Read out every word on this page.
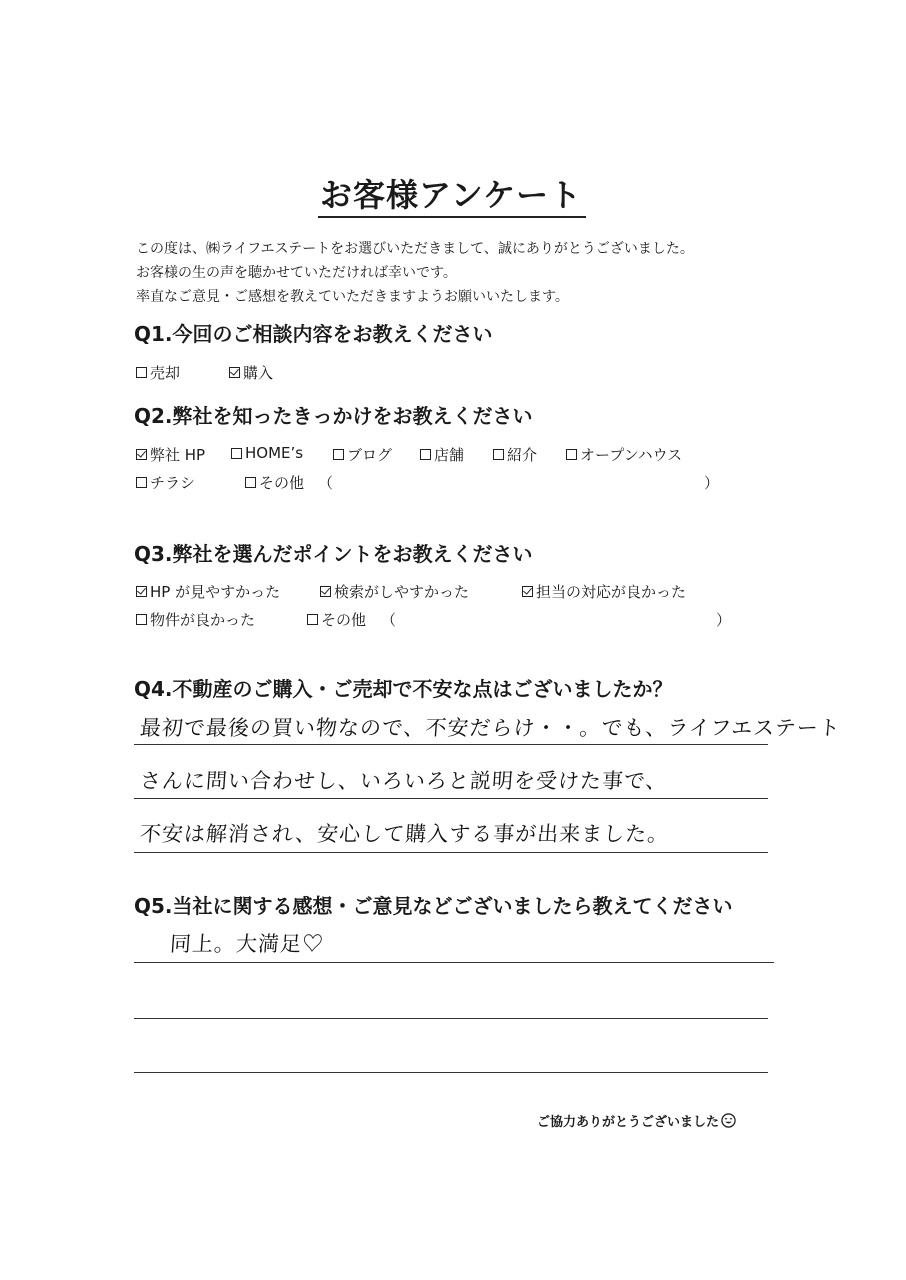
お客様アンケート
この度は、㈱ライフエステートをお選びいただきまして、誠にありがとうございました。
お客様の生の声を聴かせていただければ幸いです。
率直なご意見・ご感想を教えていただきますようお願いいたします。
Q1.今回のご相談内容をお教えください
売却	購入
Q2.弊社を知ったきっかけをお教えください
弊社 HP	HOME’s	ブログ	店舗	紹介	オープンハウス
チラシ	その他 （	）
Q3.弊社を選んだポイントをお教えください
HP が見やすかった	検索がしやすかった	担当の対応が良かった
物件が良かった	その他 （	）
Q4.不動産のご購入・ご売却で不安な点はございましたか？
最初で最後の買い物なので、不安だらけ・・。でも、ライフエステート
さんに問い合わせし、いろいろと説明を受けた事で、
不安は解消され、安心して購入する事が出来ました。
Q5.当社に関する感想・ご意見などございましたら教えてください
同上。大満足♡
ご協力ありがとうございました
